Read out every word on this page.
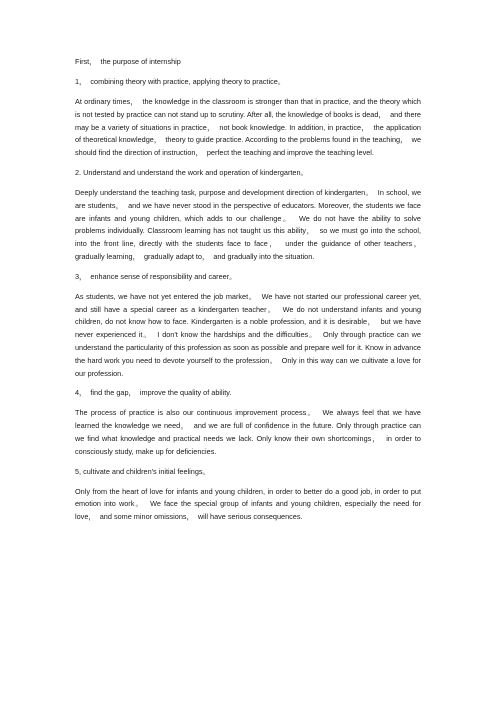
First，  the purpose of internship

1，  combining theory with practice, applying theory to practice。

At ordinary times，  the knowledge in the classroom is stronger than that in practice, and the theory which is not tested by practice can not stand up to scrutiny. After all, the knowledge of books is dead，  and there may be a variety of situations in practice，  not book knowledge. In addition, in practice，  the application of theoretical knowledge，  theory to guide practice. According to the problems found in the teaching，  we should find the direction of instruction，  perfect the teaching and improve the teaching level.

2. Understand and understand the work and operation of kindergarten。

Deeply understand the teaching task, purpose and development direction of kindergarten。  In school, we are students，  and we have never stood in the perspective of educators. Moreover, the students we face are infants and young children, which adds to our challenge。  We do not have the ability to solve problems individually. Classroom learning has not taught us this ability，  so we must go into the school, into the front line, directly with the students face to face，  under the guidance of other teachers，  gradually learning，  gradually adapt to，  and gradually into the situation.

3，  enhance sense of responsibility and career。

As students, we have not yet entered the job market。  We have not started our professional career yet, and still have a special career as a kindergarten teacher。  We do not understand infants and young children, do not know how to face. Kindergarten is a noble profession, and it is desirable，  but we have never experienced it。  I don't know the hardships and the difficulties。  Only through practice can we understand the particularity of this profession as soon as possible and prepare well for it. Know in advance the hard work you need to devote yourself to the profession。  Only in this way can we cultivate a love for our profession.

4，  find the gap，  improve the quality of ability.

The process of practice is also our continuous improvement process。  We always feel that we have learned the knowledge we need，  and we are full of confidence in the future. Only through practice can we find what knowledge and practical needs we lack. Only know their own shortcomings，  in order to consciously study, make up for deficiencies.

5, cultivate and children's initial feelings。

Only from the heart of love for infants and young children, in order to better do a good job, in order to put emotion into work。  We face the special group of infants and young children, especially the need for love，  and some minor omissions，  will have serious consequences.
